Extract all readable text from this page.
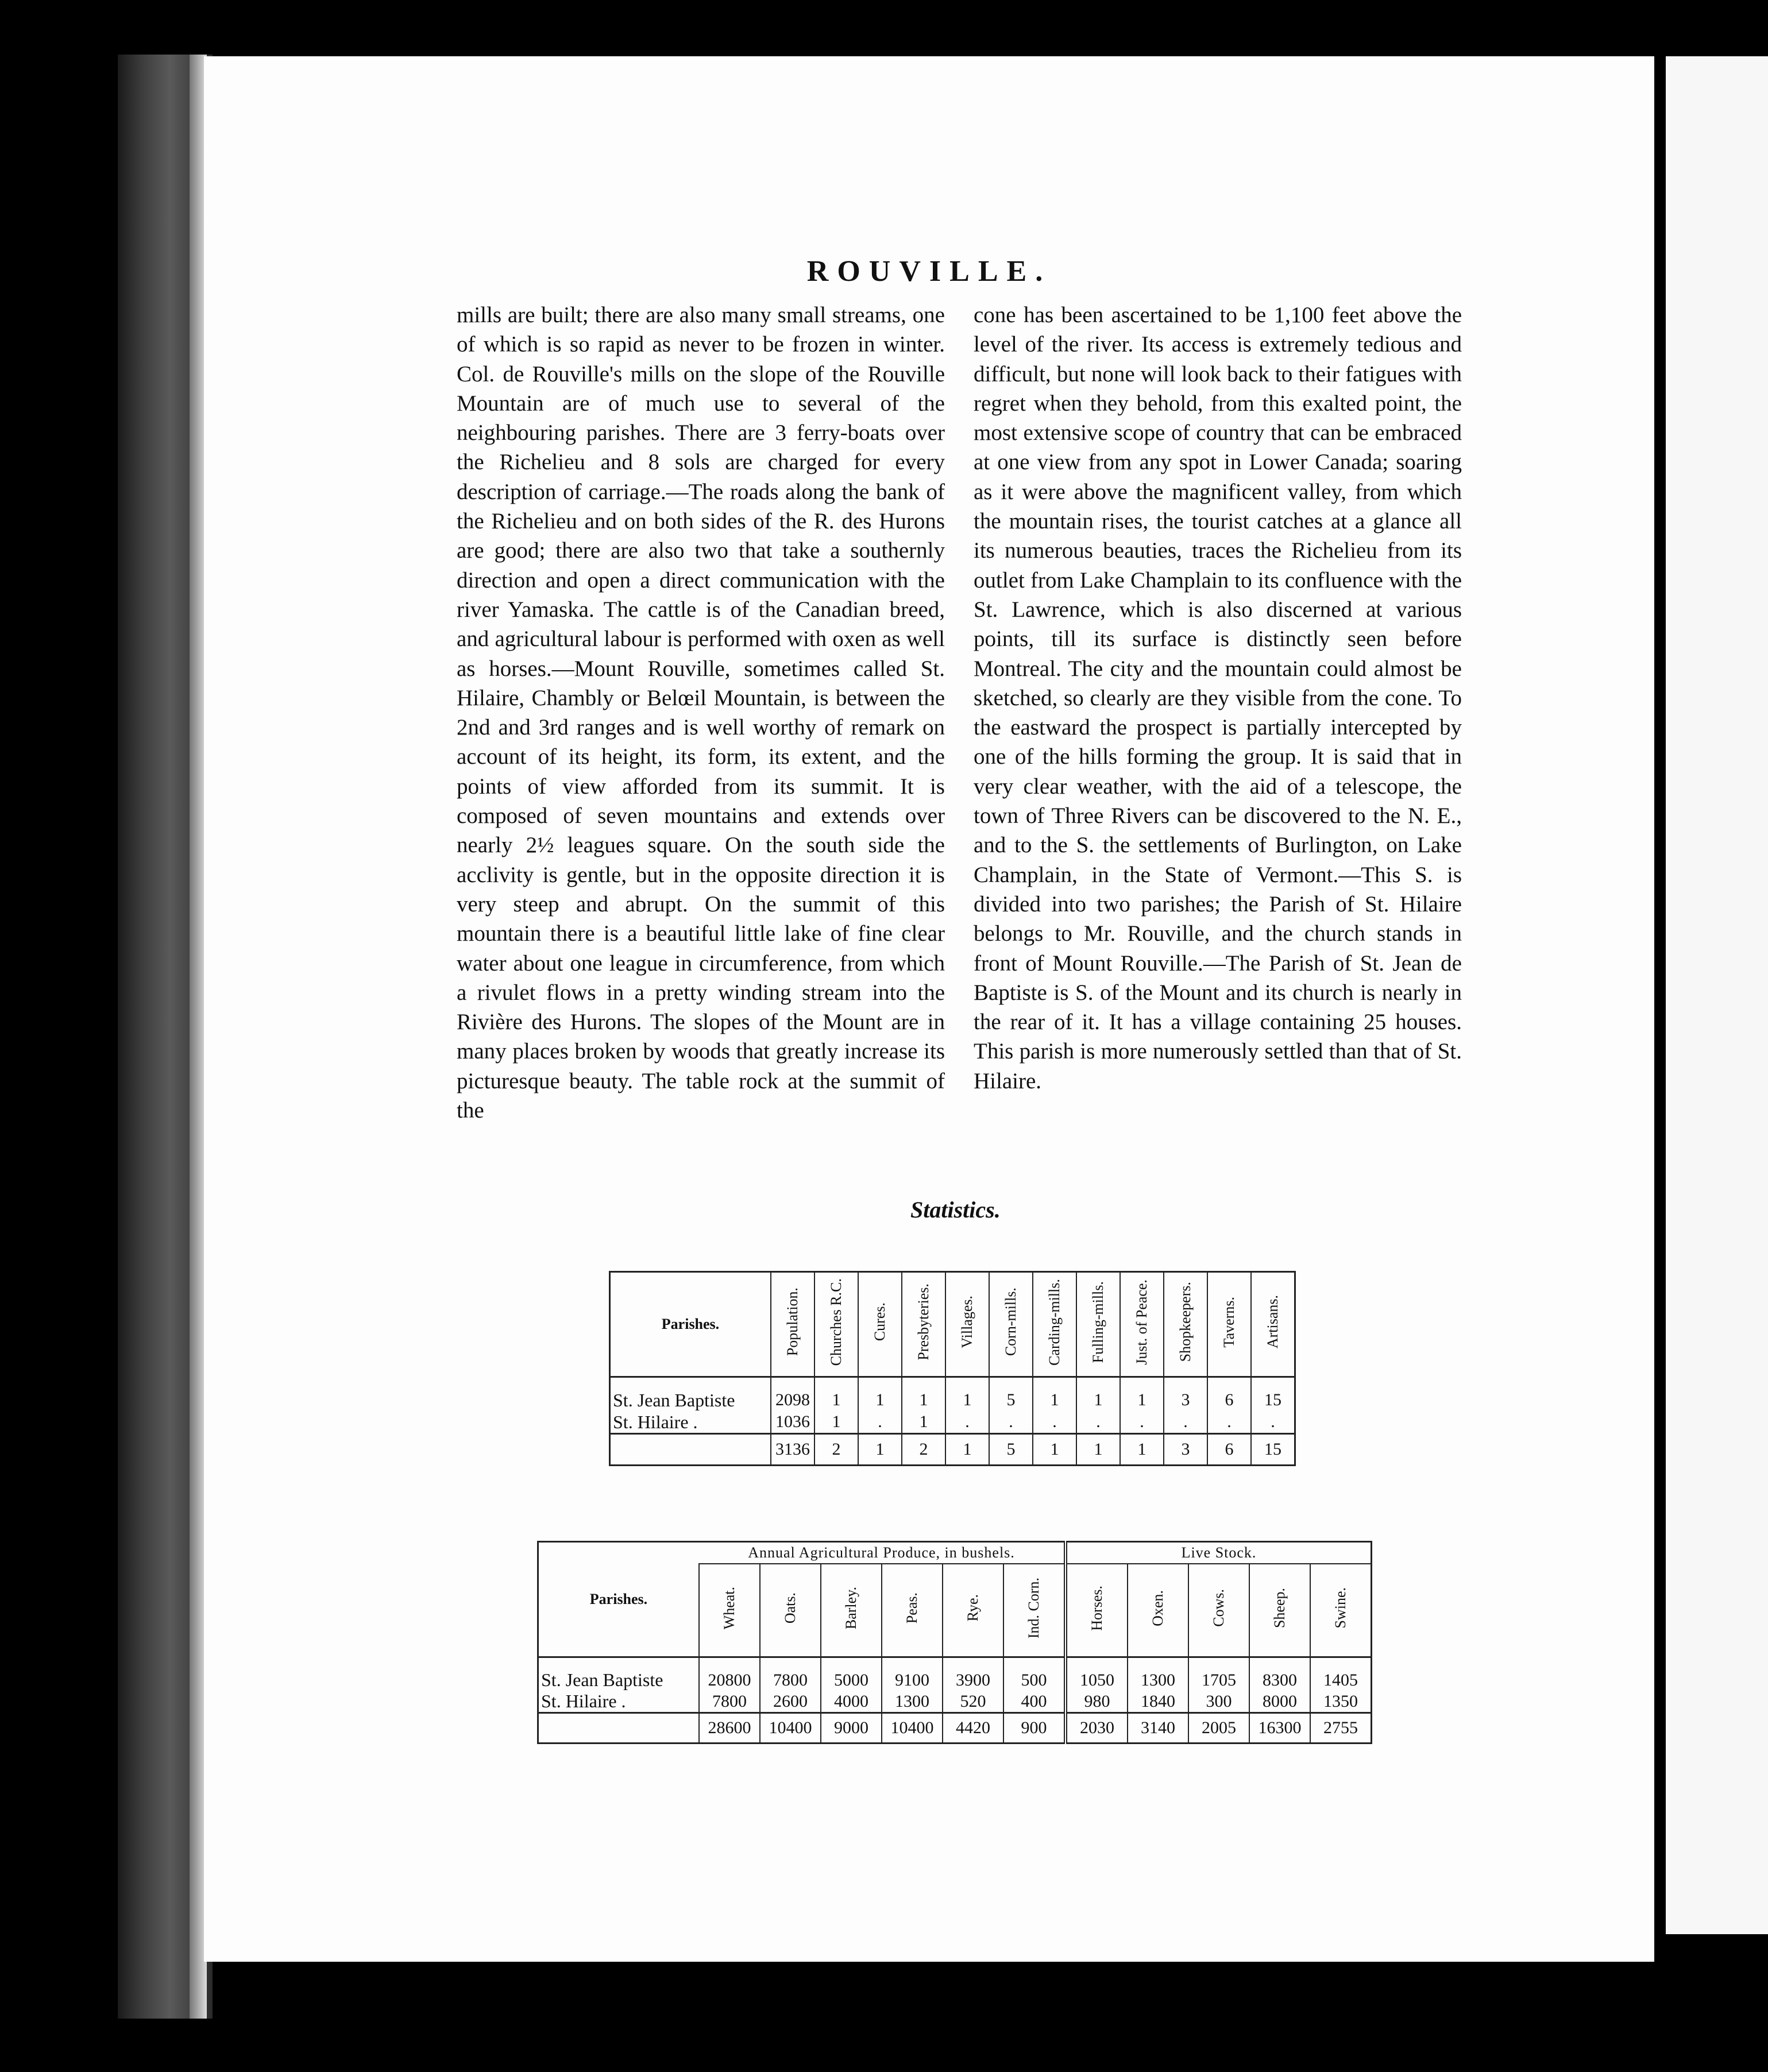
ROUVILLE.

mills are built; there are also many small streams, one of which is so rapid as never to be frozen in winter. Col. de Rouville's mills on the slope of the Rouville Mountain are of much use to several of the neighbouring parishes. There are 3 ferry-boats over the Richelieu and 8 sols are charged for every description of carriage.—The roads along the bank of the Richelieu and on both sides of the R. des Hurons are good; there are also two that take a southernly direction and open a direct communication with the river Yamaska. The cattle is of the Canadian breed, and agricultural labour is performed with oxen as well as horses.—Mount Rouville, sometimes called St. Hilaire, Chambly or Belœil Mountain, is between the 2nd and 3rd ranges and is well worthy of remark on account of its height, its form, its extent, and the points of view afforded from its summit. It is composed of seven mountains and extends over nearly 2½ leagues square. On the south side the acclivity is gentle, but in the opposite direction it is very steep and abrupt. On the summit of this mountain there is a beautiful little lake of fine clear water about one league in circumference, from which a rivulet flows in a pretty winding stream into the Rivière des Hurons. The slopes of the Mount are in many places broken by woods that greatly increase its picturesque beauty. The table rock at the summit of the

cone has been ascertained to be 1,100 feet above the level of the river. Its access is extremely tedious and difficult, but none will look back to their fatigues with regret when they behold, from this exalted point, the most extensive scope of country that can be embraced at one view from any spot in Lower Canada; soaring as it were above the magnificent valley, from which the mountain rises, the tourist catches at a glance all its numerous beauties, traces the Richelieu from its outlet from Lake Champlain to its confluence with the St. Lawrence, which is also discerned at various points, till its surface is distinctly seen before Montreal. The city and the mountain could almost be sketched, so clearly are they visible from the cone. To the eastward the prospect is partially intercepted by one of the hills forming the group. It is said that in very clear weather, with the aid of a telescope, the town of Three Rivers can be discovered to the N. E., and to the S. the settlements of Burlington, on Lake Champlain, in the State of Vermont.—This S. is divided into two parishes; the Parish of St. Hilaire belongs to Mr. Rouville, and the church stands in front of Mount Rouville.—The Parish of St. Jean de Baptiste is S. of the Mount and its church is nearly in the rear of it. It has a village containing 25 houses. This parish is more numerously settled than that of St. Hilaire.

Statistics.
Parishes.	Population.	Churches R.C.	Cures.	Presbyteries.	Villages.	Corn-mills.	Carding-mills.	Fulling-mills.	Just. of Peace.	Shopkeepers.	Taverns.	Artisans.
St. Jean Baptiste	2098	1	1	1	1	5	1	1	1	3	6	15
St. Hilaire .	1036	1	.	1	.	.	.	.	.	.	.	.
	3136	2	1	2	1	5	1	1	1	3	6	15
Parishes.	Annual Agricultural Produce, in bushels.						Live Stock.				
	Wheat.	Oats.	Barley.	Peas.	Rye.	Ind. Corn.	Horses.	Oxen.	Cows.	Sheep.	Swine.
St. Jean Baptiste	20800	7800	5000	9100	3900	500	1050	1300	1705	8300	1405
St. Hilaire .	7800	2600	4000	1300	520	400	980	1840	300	8000	1350
	28600	10400	9000	10400	4420	900	2030	3140	2005	16300	2755
